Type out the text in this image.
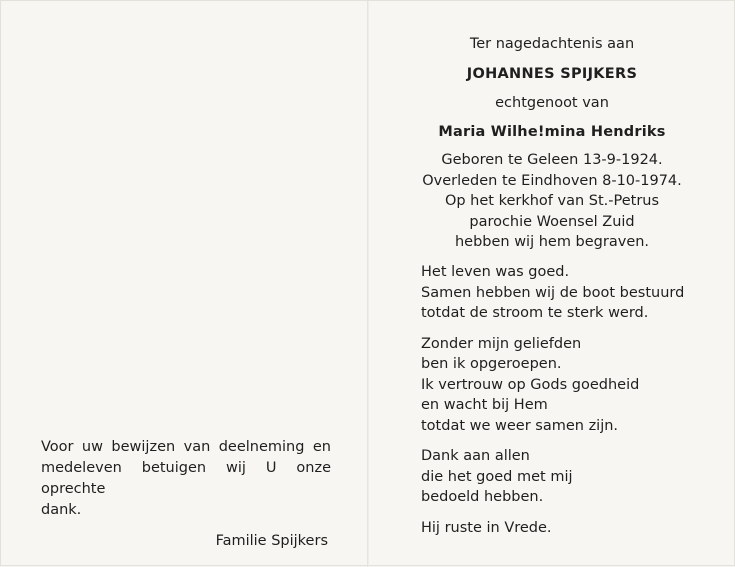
Voor uw bewijzen van deelneming en
medeleven betuigen wij U onze oprechte
dank.
Familie Spijkers
Ter nagedachtenis aan
JOHANNES SPIJKERS
echtgenoot van
Maria Wilhe!mina Hendriks
Geboren te Geleen 13-9-1924.
Overleden te Eindhoven 8-10-1974.
Op het kerkhof van St.-Petrus
parochie Woensel Zuid
hebben wij hem begraven.
Het leven was goed.
Samen hebben wij de boot bestuurd
totdat de stroom te sterk werd.
Zonder mijn geliefden
ben ik opgeroepen.
Ik vertrouw op Gods goedheid
en wacht bij Hem
totdat we weer samen zijn.
Dank aan allen
die het goed met mij
bedoeld hebben.
Hij ruste in Vrede.
